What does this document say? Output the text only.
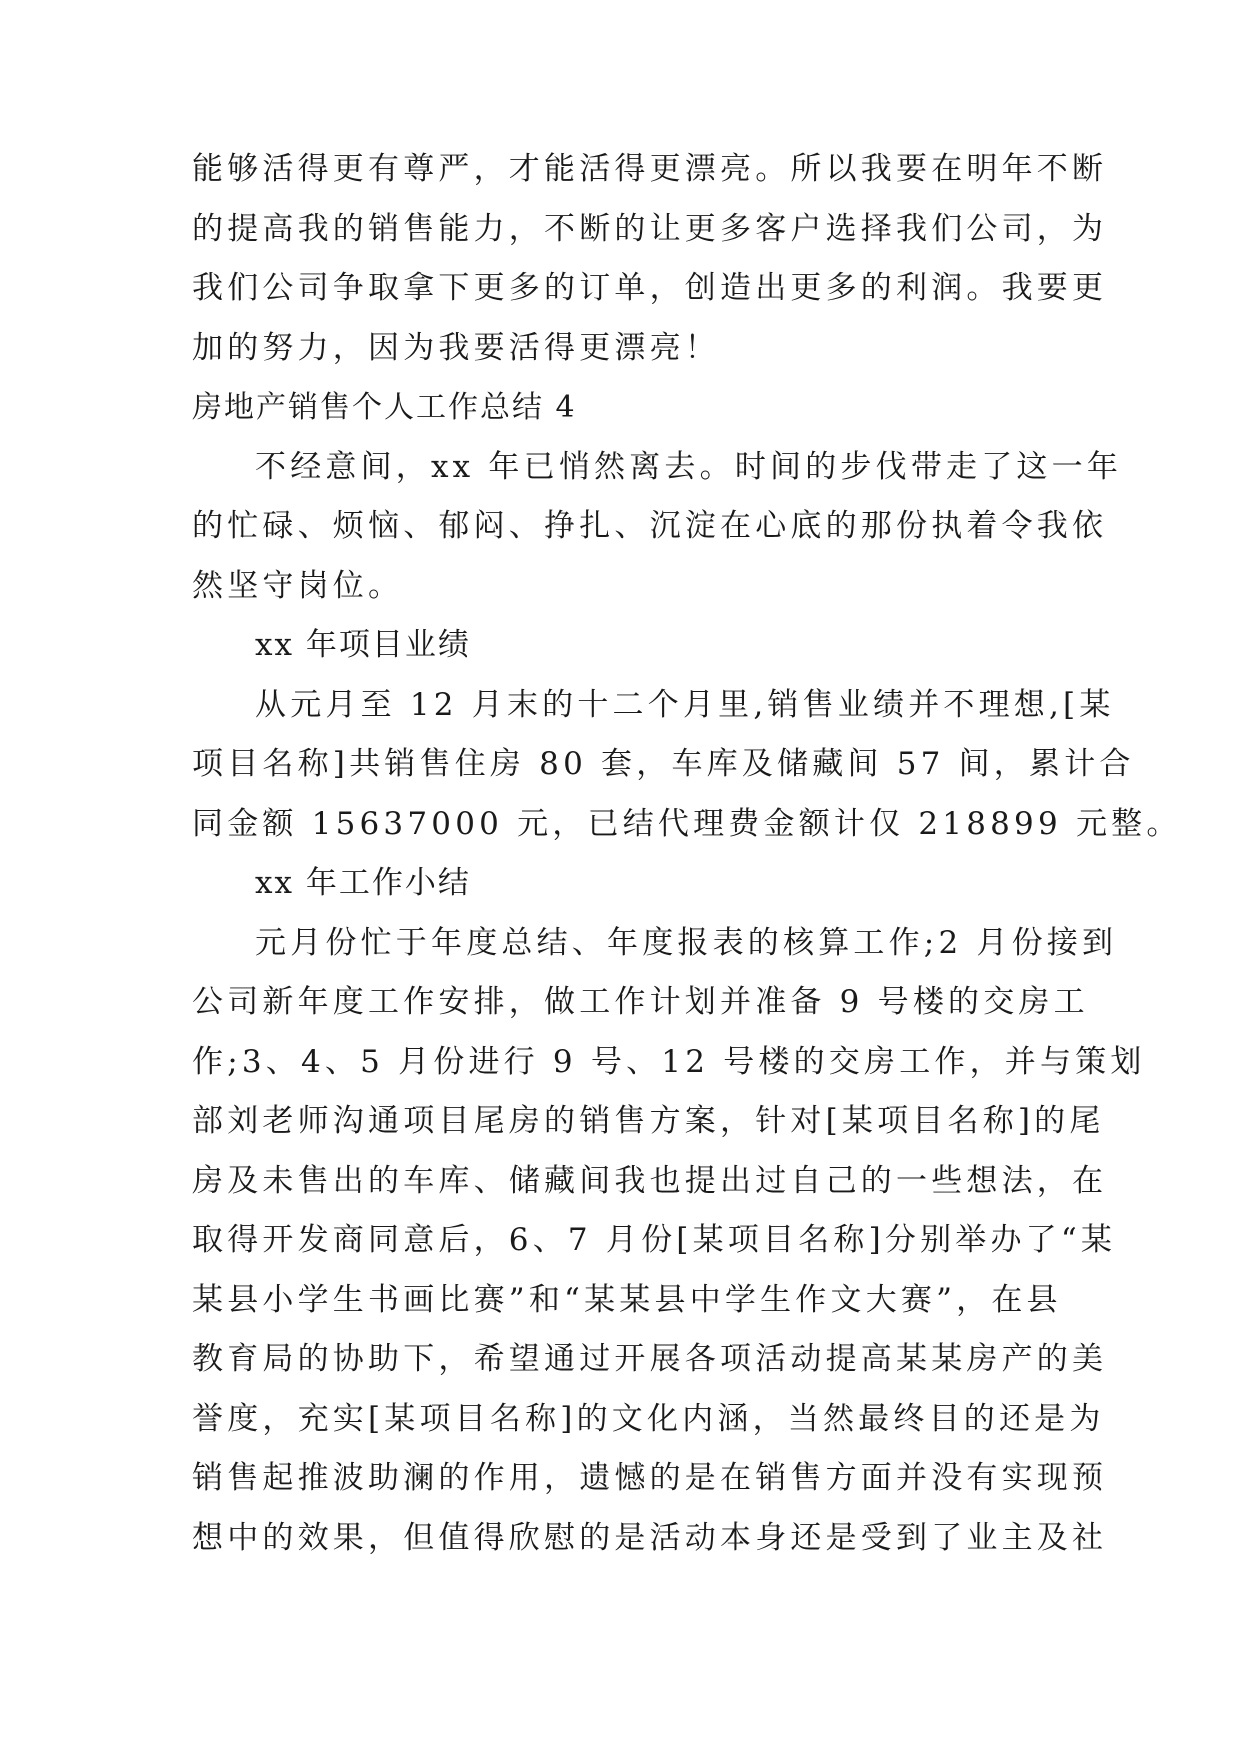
能够活得更有尊严，才能活得更漂亮。所以我要在明年不断
的提高我的销售能力，不断的让更多客户选择我们公司，为
我们公司争取拿下更多的订单，创造出更多的利润。我要更
加的努力，因为我要活得更漂亮！
房地产销售个人工作总结 4
不经意间，xx 年已悄然离去。时间的步伐带走了这一年
的忙碌、烦恼、郁闷、挣扎、沉淀在心底的那份执着令我依
然坚守岗位。
xx 年项目业绩
从元月至 12 月末的十二个月里,销售业绩并不理想,[某
项目名称]共销售住房 80 套，车库及储藏间 57 间，累计合
同金额 15637000 元，已结代理费金额计仅 218899 元整。
xx 年工作小结
元月份忙于年度总结、年度报表的核算工作;2 月份接到
公司新年度工作安排，做工作计划并准备 9 号楼的交房工
作;3、4、5 月份进行 9 号、12 号楼的交房工作，并与策划
部刘老师沟通项目尾房的销售方案，针对[某项目名称]的尾
房及未售出的车库、储藏间我也提出过自己的一些想法，在
取得开发商同意后，6、7 月份[某项目名称]分别举办了“某
某县小学生书画比赛”和“某某县中学生作文大赛”，在县
教育局的协助下，希望通过开展各项活动提高某某房产的美
誉度，充实[某项目名称]的文化内涵，当然最终目的还是为
销售起推波助澜的作用，遗憾的是在销售方面并没有实现预
想中的效果，但值得欣慰的是活动本身还是受到了业主及社
